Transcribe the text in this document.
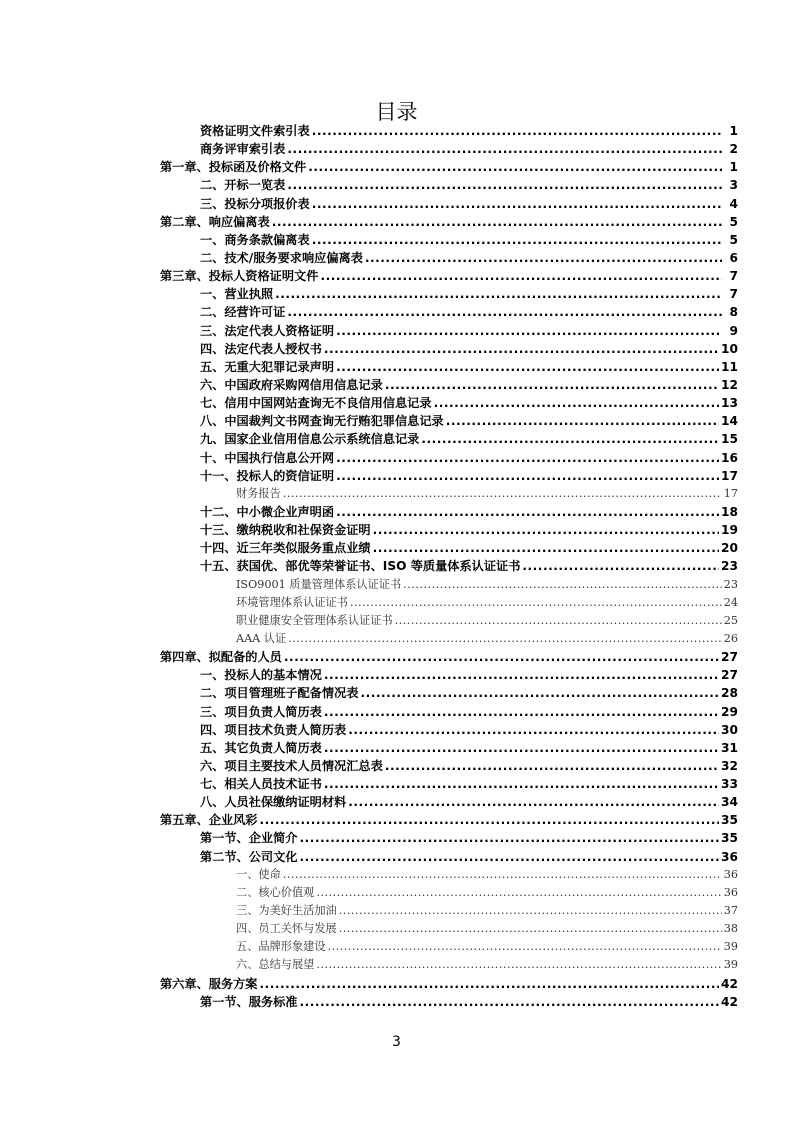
目录
资格证明文件索引表 .....	1
商务评审索引表 .....	2
第一章、投标函及价格文件 .....	1
二、开标一览表 .....	3
三、投标分项报价表 .....	4
第二章、响应偏离表 .....	5
一、商务条款偏离表 .....	5
二、技术/服务要求响应偏离表 .....	6
第三章、投标人资格证明文件 .....	7
一、营业执照 .....	7
二、经营许可证 .....	8
三、法定代表人资格证明 .....	9
四、法定代表人授权书 .....	10
五、无重大犯罪记录声明 .....	11
六、中国政府采购网信用信息记录 .....	12
七、信用中国网站查询无不良信用信息记录 .....	13
八、中国裁判文书网查询无行贿犯罪信息记录 .....	14
九、国家企业信用信息公示系统信息记录 .....	15
十、中国执行信息公开网 .....	16
十一、投标人的资信证明 .....	17
财务报告 .....	17
十二、中小微企业声明函 .....	18
十三、缴纳税收和社保资金证明 .....	19
十四、近三年类似服务重点业绩 .....	20
十五、获国优、部优等荣誉证书、ISO 等质量体系认证证书 .....	23
ISO9001 质量管理体系认证证书 .....	23
环境管理体系认证证书 .....	24
职业健康安全管理体系认证证书 .....	25
AAA 认证 .....	26
第四章、拟配备的人员 .....	27
一、投标人的基本情况 .....	27
二、项目管理班子配备情况表 .....	28
三、项目负责人简历表 .....	29
四、项目技术负责人简历表 .....	30
五、其它负责人简历表 .....	31
六、项目主要技术人员情况汇总表 .....	32
七、相关人员技术证书 .....	33
八、人员社保缴纳证明材料 .....	34
第五章、企业风彩 .....	35
第一节、企业简介 .....	35
第二节、公司文化 .....	36
一、使命 .....	36
二、核心价值观 .....	36
三、为美好生活加油 .....	37
四、员工关怀与发展 .....	38
五、品牌形象建设 .....	39
六、总结与展望 .....	39
第六章、服务方案 .....	42
第一节、服务标准 .....	42
3
